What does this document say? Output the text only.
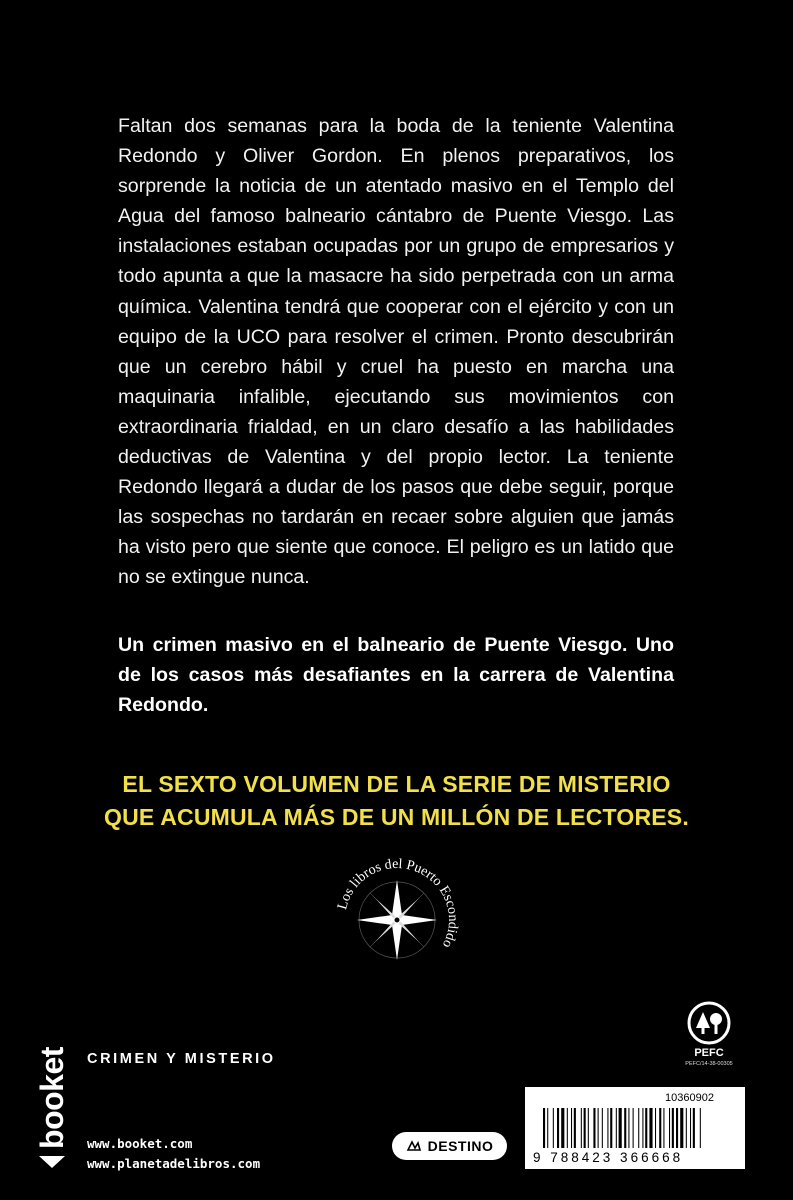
Faltan dos semanas para la boda de la teniente Valentina Redondo y Oliver Gordon. En plenos preparativos, los sorprende la noticia de un atentado masivo en el Templo del Agua del famoso balneario cántabro de Puente Viesgo. Las instalaciones estaban ocupadas por un grupo de empresarios y todo apunta a que la masacre ha sido perpetrada con un arma química. Valentina tendrá que cooperar con el ejército y con un equipo de la UCO para resolver el crimen. Pronto descubrirán que un cerebro hábil y cruel ha puesto en marcha una maquinaria infalible, ejecutando sus movimientos con extraordinaria frialdad, en un claro desafío a las habilidades deductivas de Valentina y del propio lector. La teniente Redondo llegará a dudar de los pasos que debe seguir, porque las sospechas no tardarán en recaer sobre alguien que jamás ha visto pero que siente que conoce. El peligro es un latido que no se extingue nunca.

Un crimen masivo en el balneario de Puente Viesgo. Uno de los casos más desafiantes en la carrera de Valentina Redondo.

EL SEXTO VOLUMEN DE LA SERIE DE MISTERIO
QUE ACUMULA MÁS DE UN MILLÓN DE LECTORES.
Los libros del Puerto Escondido
PEFC
PEFC/14-38-00305
booket CRIMEN Y MISTERIO
www.booket.com
www.planetadelibros.com
DESTINO
10360902
9 788423 366668
